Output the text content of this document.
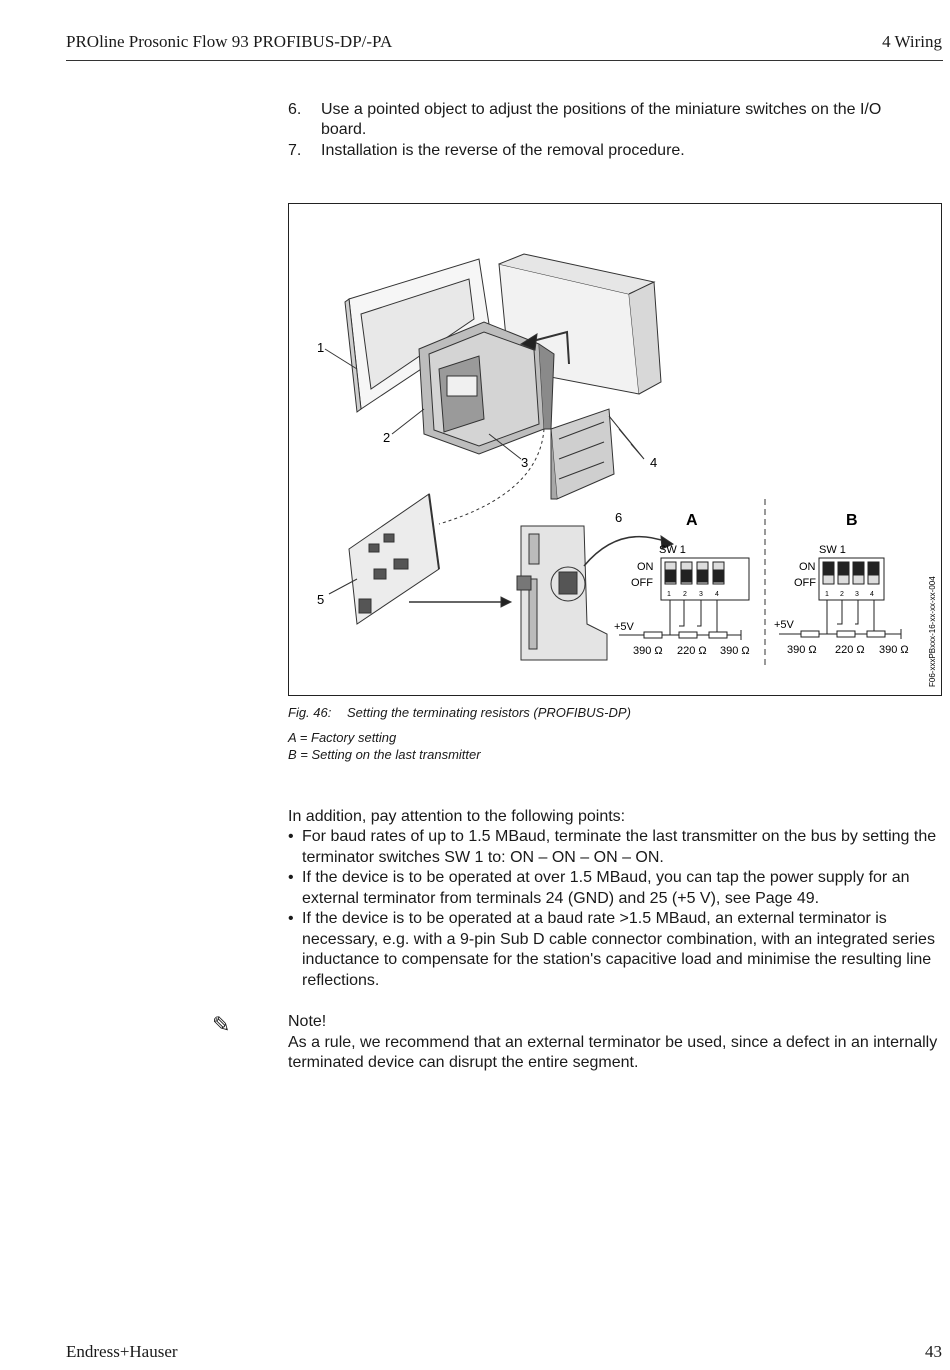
PROline Prosonic Flow 93 PROFIBUS-DP/-PA	4 Wiring
6. Use a pointed object to adjust the positions of the miniature switches on the I/O board.
7. Installation is the reverse of the removal procedure.
1
2
3	4
5
6	A
SW 1
ON
OFF
1 2 3 4
+5V
390 Ω 220 Ω 390 Ω
B
SW 1
ON
OFF
1 2 3 4
+5V
390 Ω 220 Ω 390 Ω F06-xxxPBxxx-16-xx-xx-xx-004
Fig. 46: Setting the terminating resistors (PROFIBUS-DP)
A = Factory setting
B = Setting on the last transmitter
In addition, pay attention to the following points:
• For baud rates of up to 1.5 MBaud, terminate the last transmitter on the bus by setting the terminator switches SW 1 to: ON – ON – ON – ON.
• If the device is to be operated at over 1.5 MBaud, you can tap the power supply for an external terminator from terminals 24 (GND) and 25 (+5 V), see Page 49.
• If the device is to be operated at a baud rate >1.5 MBaud, an external terminator is necessary, e.g. with a 9-pin Sub D cable connector combination, with an integrated series inductance to compensate for the station's capacitive load and minimise the resulting line reflections.
✎	Note!
As a rule, we recommend that an external terminator be used, since a defect in an internally terminated device can disrupt the entire segment.
Endress+Hauser	43
